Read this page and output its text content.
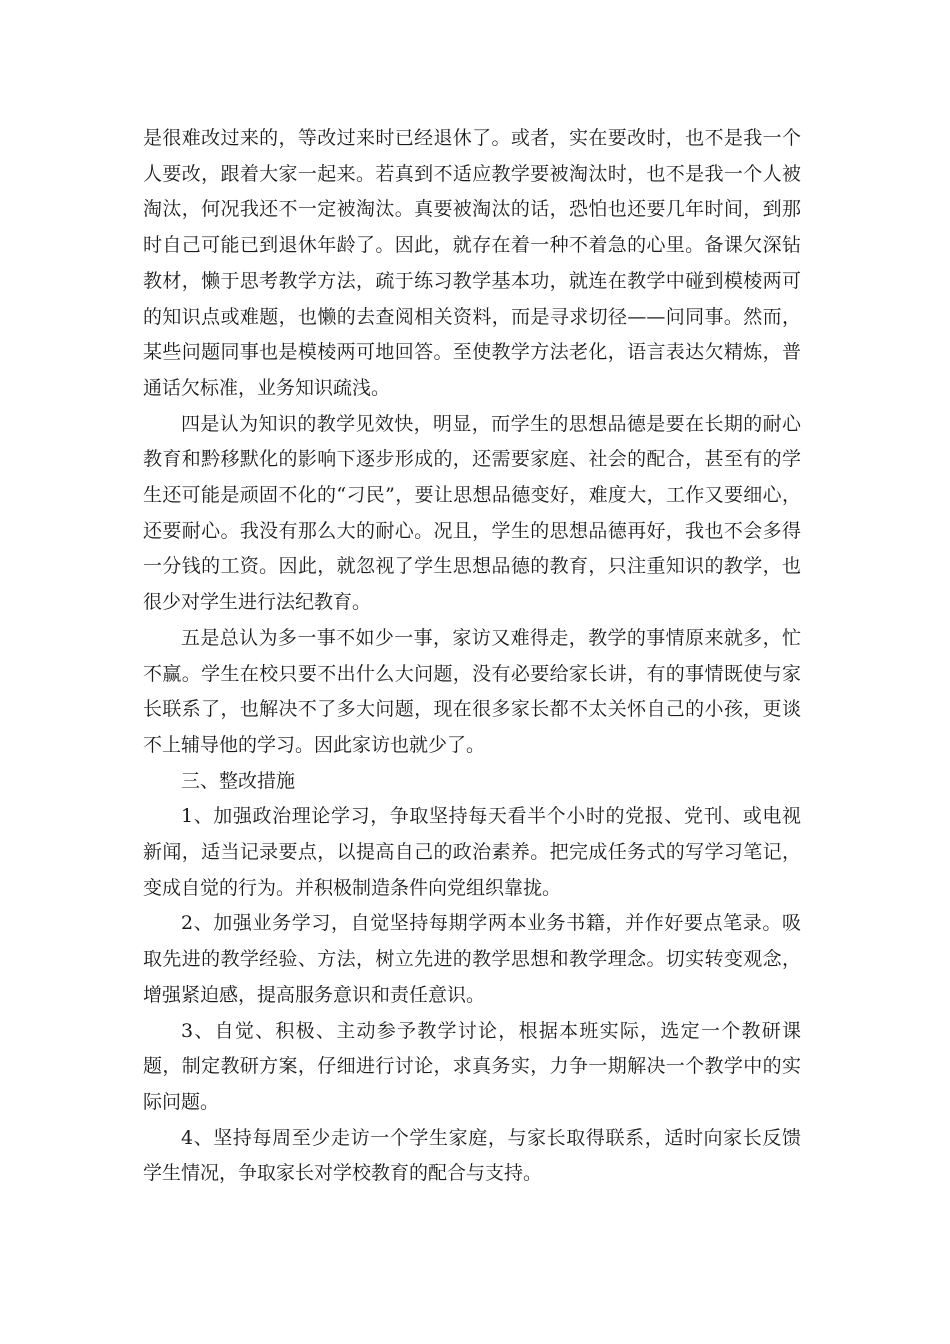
是很难改过来的，等改过来时已经退休了。或者，实在要改时，也不是我一个人要改，跟着大家一起来。若真到不适应教学要被淘汰时，也不是我一个人被淘汰，何况我还不一定被淘汰。真要被淘汰的话，恐怕也还要几年时间，到那时自己可能已到退休年龄了。因此，就存在着一种不着急的心里。备课欠深钻教材，懒于思考教学方法，疏于练习教学基本功，就连在教学中碰到模棱两可的知识点或难题，也懒的去查阅相关资料，而是寻求切径——问同事。然而，某些问题同事也是模棱两可地回答。至使教学方法老化，语言表达欠精炼，普通话欠标准，业务知识疏浅。

四是认为知识的教学见效快，明显，而学生的思想品德是要在长期的耐心教育和黔移默化的影响下逐步形成的，还需要家庭、社会的配合，甚至有的学生还可能是顽固不化的“刁民”，要让思想品德变好，难度大，工作又要细心，还要耐心。我没有那么大的耐心。况且，学生的思想品德再好，我也不会多得一分钱的工资。因此，就忽视了学生思想品德的教育，只注重知识的教学，也很少对学生进行法纪教育。

五是总认为多一事不如少一事，家访又难得走，教学的事情原来就多，忙不赢。学生在校只要不出什么大问题，没有必要给家长讲，有的事情既使与家长联系了，也解决不了多大问题，现在很多家长都不太关怀自己的小孩，更谈不上辅导他的学习。因此家访也就少了。

三、整改措施

1、加强政治理论学习，争取坚持每天看半个小时的党报、党刊、或电视新闻，适当记录要点，以提高自己的政治素养。把完成任务式的写学习笔记，变成自觉的行为。并积极制造条件向党组织靠拢。

2、加强业务学习，自觉坚持每期学两本业务书籍，并作好要点笔录。吸取先进的教学经验、方法，树立先进的教学思想和教学理念。切实转变观念，增强紧迫感，提高服务意识和责任意识。

3、自觉、积极、主动参予教学讨论，根据本班实际，选定一个教研课题，制定教研方案，仔细进行讨论，求真务实，力争一期解决一个教学中的实际问题。

4、坚持每周至少走访一个学生家庭，与家长取得联系，适时向家长反馈学生情况，争取家长对学校教育的配合与支持。
